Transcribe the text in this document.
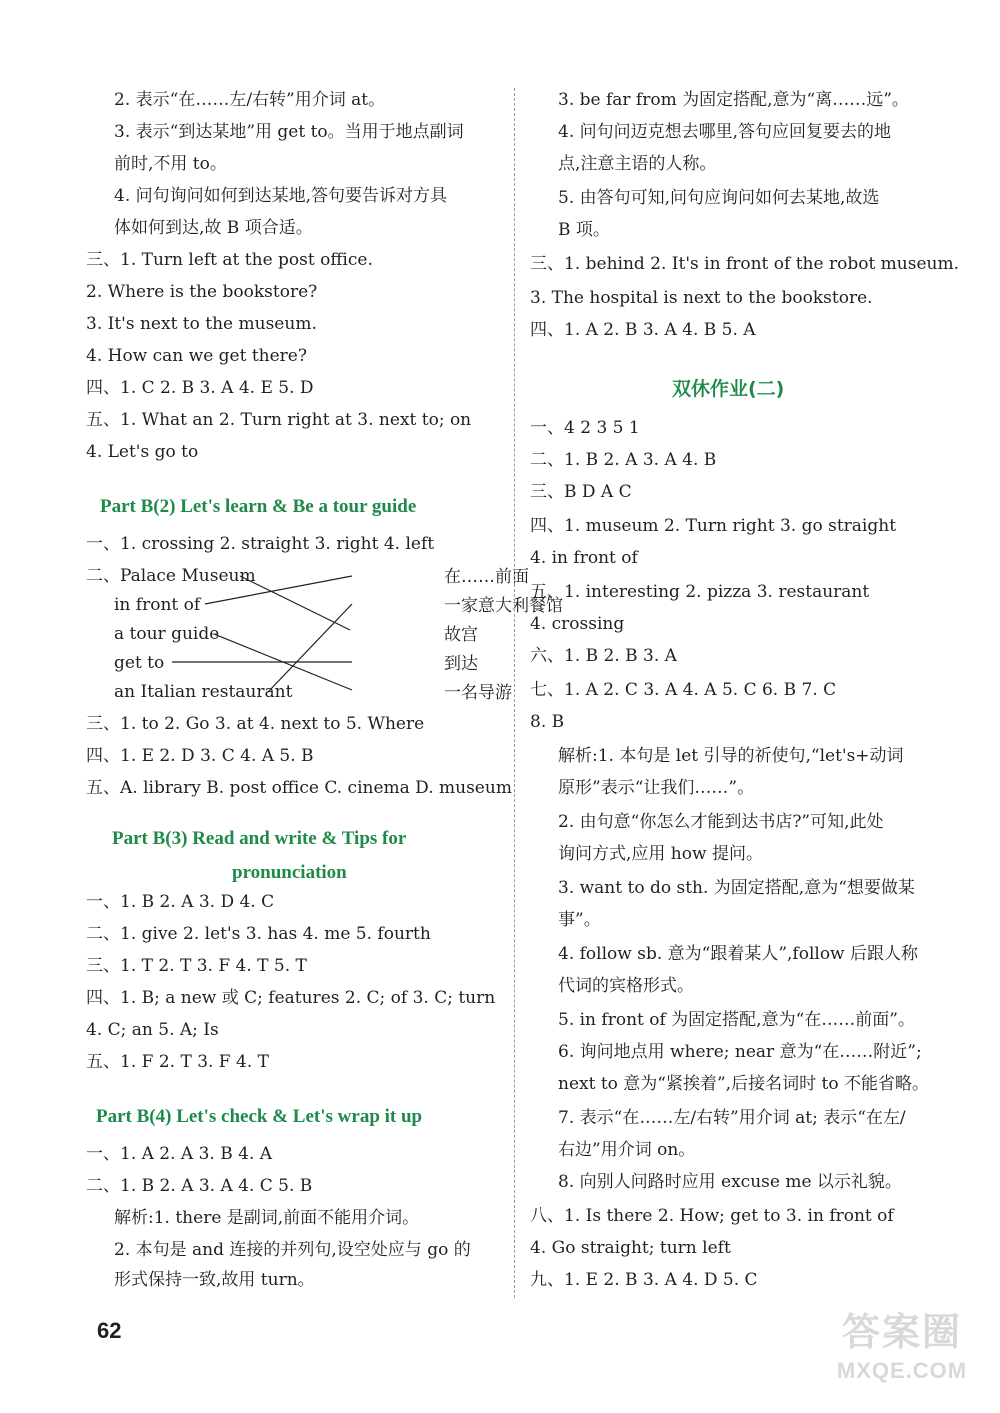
2. 表示“在……左/右转”用介词 at。
3. 表示“到达某地”用 get to。当用于地点副词
前时,不用 to。
4. 问句询问如何到达某地,答句要告诉对方具
体如何到达,故 B 项合适。
三、1. Turn left at the post office.
2. Where is the bookstore?
3. It's next to the museum.
4. How can we get there?
四、1. C 2. B 3. A 4. E 5. D
五、1. What an 2. Turn right at 3. next to; on
4. Let's go to
Part B(2) Let's learn & Be a tour guide
一、1. crossing 2. straight 3. right 4. left
二、Palace Museum
in front of
a tour guide
get to
an Italian restaurant
在……前面
一家意大利餐馆
故宫
到达
一名导游
三、1. to 2. Go 3. at 4. next to 5. Where
四、1. E 2. D 3. C 4. A 5. B
五、A. library B. post office C. cinema D. museum
Part B(3) Read and write & Tips for
pronunciation
一、1. B 2. A 3. D 4. C
二、1. give 2. let's 3. has 4. me 5. fourth
三、1. T 2. T 3. F 4. T 5. T
四、1. B; a new 或 C; features 2. C; of 3. C; turn
4. C; an 5. A; Is
五、1. F 2. T 3. F 4. T
Part B(4) Let's check & Let's wrap it up
一、1. A 2. A 3. B 4. A
二、1. B 2. A 3. A 4. C 5. B
解析:1. there 是副词,前面不能用介词。
2. 本句是 and 连接的并列句,设空处应与 go 的
形式保持一致,故用 turn。
3. be far from 为固定搭配,意为“离……远”。
4. 问句问迈克想去哪里,答句应回复要去的地
点,注意主语的人称。
5. 由答句可知,问句应询问如何去某地,故选
B 项。
三、1. behind 2. It's in front of the robot museum.
3. The hospital is next to the bookstore.
四、1. A 2. B 3. A 4. B 5. A
双休作业(二)
一、4 2 3 5 1
二、1. B 2. A 3. A 4. B
三、B D A C
四、1. museum 2. Turn right 3. go straight
4. in front of
五、1. interesting 2. pizza 3. restaurant
4. crossing
六、1. B 2. B 3. A
七、1. A 2. C 3. A 4. A 5. C 6. B 7. C
8. B
解析:1. 本句是 let 引导的祈使句,“let's+动词
原形”表示“让我们……”。
2. 由句意“你怎么才能到达书店?”可知,此处
询问方式,应用 how 提问。
3. want to do sth. 为固定搭配,意为“想要做某
事”。
4. follow sb. 意为“跟着某人”,follow 后跟人称
代词的宾格形式。
5. in front of 为固定搭配,意为“在……前面”。
6. 询问地点用 where; near 意为“在……附近”;
next to 意为“紧挨着”,后接名词时 to 不能省略。
7. 表示“在……左/右转”用介词 at; 表示“在左/
右边”用介词 on。
8. 向别人问路时应用 excuse me 以示礼貌。
八、1. Is there 2. How; get to 3. in front of
4. Go straight; turn left
九、1. E 2. B 3. A 4. D 5. C
62	答案圈
MXQE.COM
